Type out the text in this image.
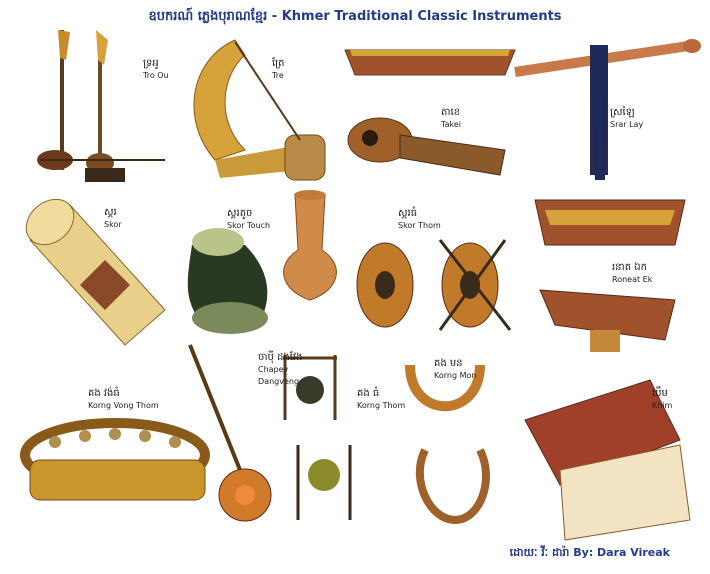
ឧបករណ៍ ភ្លេងបុរាណខ្មែរ - Khmer Traditional Classic Instruments
ទ្រអូ
Tro Ou
ត្រែ
Tre
តាខេ
Takei
ស្រឡៃ
Srar Lay
ស្គរ
Skor
ស្គរតូច
Skor Touch
ស្គរធំ
Skor Thom
រនាត ឯក
Roneat Ek
ចាប៉ី ដងវែង
Chapey
Dangveng
គង វង់ធំ
Korng Vong Thom
គង ធំ
Korng Thom
គង មន
Korng Mon
ឃឹម
Khim
ដោយៈ វីៈ ដារ៉ា By: Dara Vireak
